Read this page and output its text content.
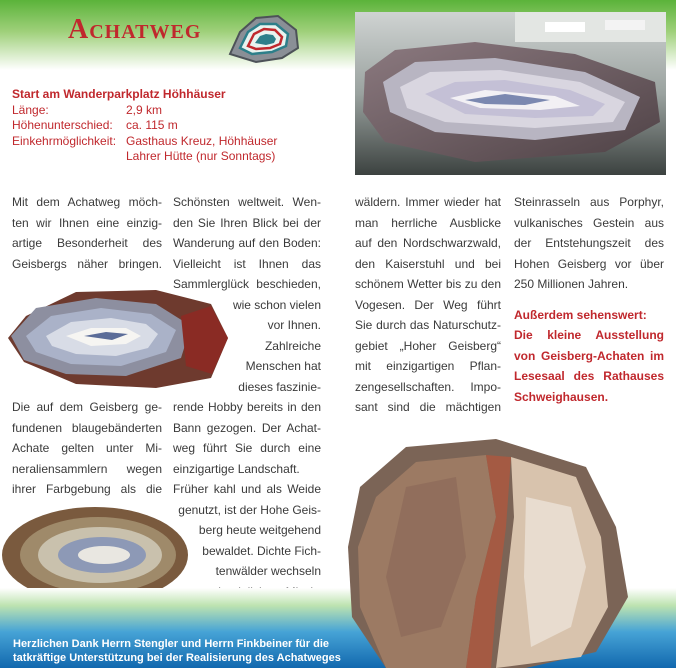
Achatweg
Start am Wanderparkplatz Höhhäuser
Länge:	2,9 km
Höhenunterschied:	ca. 115 m
Einkehrmöglichkeit: Gasthaus Kreuz, Höhhäuser
Lahrer Hütte (nur Sonntags)

Mit dem Achatweg möch-

ten wir Ihnen eine einzig-

artige Besonderheit des

Geisbergs näher bringen.

Die auf dem Geisberg ge-

fundenen blaugebänderten

Achate gelten unter Mi-

neraliensammlern wegen

ihrer Farbgebung als die

Schönsten weltweit. Wen-

den Sie Ihren Blick bei der

Wanderung auf den Boden:

Vielleicht ist Ihnen das

Sammlerglück beschieden,

wie schon vielen

vor Ihnen.

Zahlreiche

Menschen hat

dieses faszinie-

rende Hobby bereits in den

Bann gezogen. Der Achat-

weg führt Sie durch eine

einzigartige Landschaft.

Früher kahl und als Weide

genutzt, ist der Hohe Geis-

berg heute weitgehend

bewaldet. Dichte Fich-

tenwälder wechseln

wäldern. Immer wieder hat

man herrliche Ausblicke

auf den Nordschwarzwald,

den Kaiserstuhl und bei

schönem Wetter bis zu den

Vogesen. Der Weg führt

Sie durch das Naturschutz-

gebiet „Hoher Geisberg“

mit einzigartigen Pflan-

zengesellschaften. Impo-

sant sind die mächtigen

Steinrasseln aus Porphyr,

vulkanisches Gestein aus

der Entstehungszeit des

Hohen Geisberg vor über

250 Millionen Jahren.

Außerdem sehenswert:

Die kleine Ausstellung

von Geisberg-Achaten im

Lesesaal des Rathauses

Schweighausen.

Herzlichen Dank Herrn Stengler und Herrn Finkbeiner für die
tatkräftige Unterstützung bei der Realisierung des Achatweges
